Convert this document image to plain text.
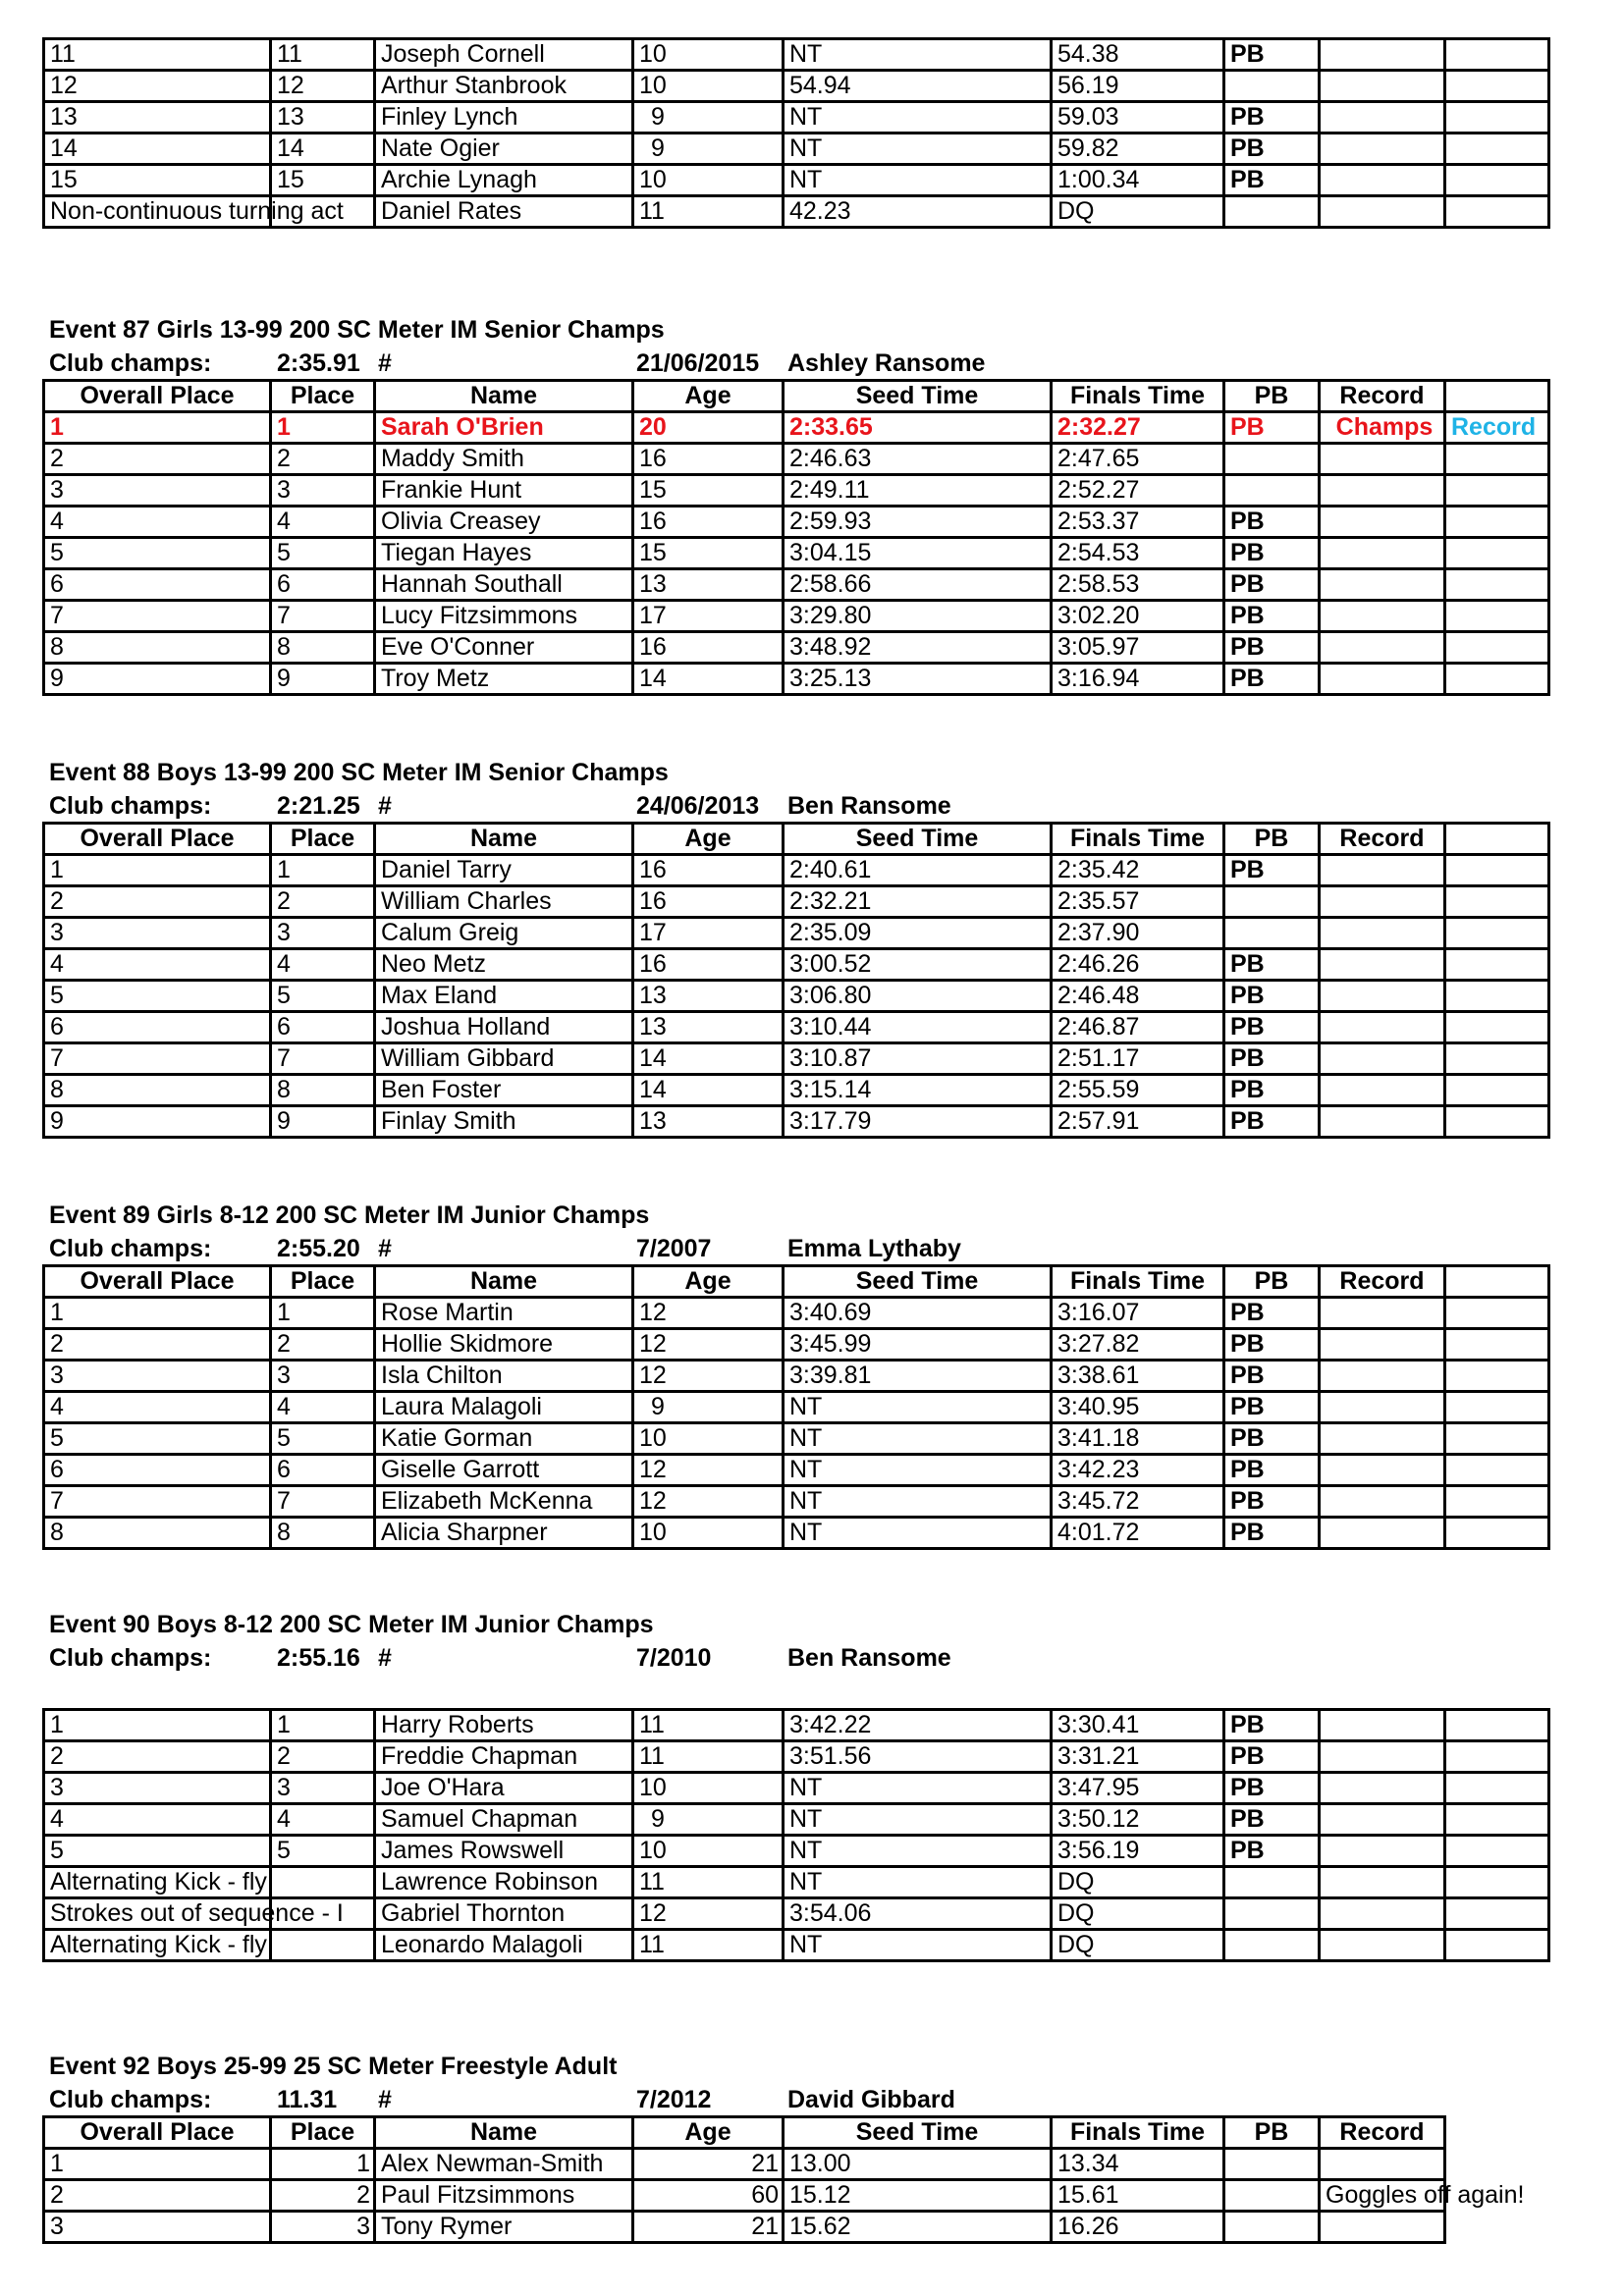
11	11	Joseph Cornell	10	NT	54.38	PB		
12	12	Arthur Stanbrook	10	54.94	56.19			
13	13	Finley Lynch	9	NT	59.03	PB		
14	14	Nate Ogier	9	NT	59.82	PB		
15	15	Archie Lynagh	10	NT	1:00.34	PB		
Non-continuous turning act		Daniel Rates	11	42.23	DQ			
Event 87 Girls 13-99 200 SC Meter IM Senior Champs
Club champs:	2:35.91 #	21/06/2015 Ashley Ransome
Overall Place	Place	Name	Age	Seed Time	Finals Time	PB	Record	
1	1	Sarah O'Brien	20	2:33.65	2:32.27	PB	Champs	Record
2	2	Maddy Smith	16	2:46.63	2:47.65			
3	3	Frankie Hunt	15	2:49.11	2:52.27			
4	4	Olivia Creasey	16	2:59.93	2:53.37	PB		
5	5	Tiegan Hayes	15	3:04.15	2:54.53	PB		
6	6	Hannah Southall	13	2:58.66	2:58.53	PB		
7	7	Lucy Fitzsimmons	17	3:29.80	3:02.20	PB		
8	8	Eve O'Conner	16	3:48.92	3:05.97	PB		
9	9	Troy Metz	14	3:25.13	3:16.94	PB		
Event 88 Boys 13-99 200 SC Meter IM Senior Champs
Club champs:	2:21.25 #	24/06/2013 Ben Ransome
Overall Place	Place	Name	Age	Seed Time	Finals Time	PB	Record	
1	1	Daniel Tarry	16	2:40.61	2:35.42	PB		
2	2	William Charles	16	2:32.21	2:35.57			
3	3	Calum Greig	17	2:35.09	2:37.90			
4	4	Neo Metz	16	3:00.52	2:46.26	PB		
5	5	Max Eland	13	3:06.80	2:46.48	PB		
6	6	Joshua Holland	13	3:10.44	2:46.87	PB		
7	7	William Gibbard	14	3:10.87	2:51.17	PB		
8	8	Ben Foster	14	3:15.14	2:55.59	PB		
9	9	Finlay Smith	13	3:17.79	2:57.91	PB		
Event 89 Girls 8-12 200 SC Meter IM Junior Champs
Club champs:	2:55.20 #	7/2007	Emma Lythaby
Overall Place	Place	Name	Age	Seed Time	Finals Time	PB	Record	
1	1	Rose Martin	12	3:40.69	3:16.07	PB		
2	2	Hollie Skidmore	12	3:45.99	3:27.82	PB		
3	3	Isla Chilton	12	3:39.81	3:38.61	PB		
4	4	Laura Malagoli	9	NT	3:40.95	PB		
5	5	Katie Gorman	10	NT	3:41.18	PB		
6	6	Giselle Garrott	12	NT	3:42.23	PB		
7	7	Elizabeth McKenna	12	NT	3:45.72	PB		
8	8	Alicia Sharpner	10	NT	4:01.72	PB		
Event 90 Boys 8-12 200 SC Meter IM Junior Champs
Club champs:	2:55.16 #	7/2010	Ben Ransome
1	1	Harry Roberts	11	3:42.22	3:30.41	PB		
2	2	Freddie Chapman	11	3:51.56	3:31.21	PB		
3	3	Joe O'Hara	10	NT	3:47.95	PB		
4	4	Samuel Chapman	9	NT	3:50.12	PB		
5	5	James Rowswell	10	NT	3:56.19	PB		
Alternating Kick - fly		Lawrence Robinson	11	NT	DQ			
Strokes out of sequence - I		Gabriel Thornton	12	3:54.06	DQ			
Alternating Kick - fly		Leonardo Malagoli	11	NT	DQ			
Event 92 Boys 25-99 25 SC Meter Freestyle Adult
Club champs:	11.31 #	7/2012	David Gibbard
Overall Place	Place	Name	Age	Seed Time	Finals Time	PB	Record
1	1	Alex Newman-Smith	21	13.00	13.34		
2	2	Paul Fitzsimmons	60	15.12	15.61		Goggles off again!
3	3	Tony Rymer	21	15.62	16.26		
